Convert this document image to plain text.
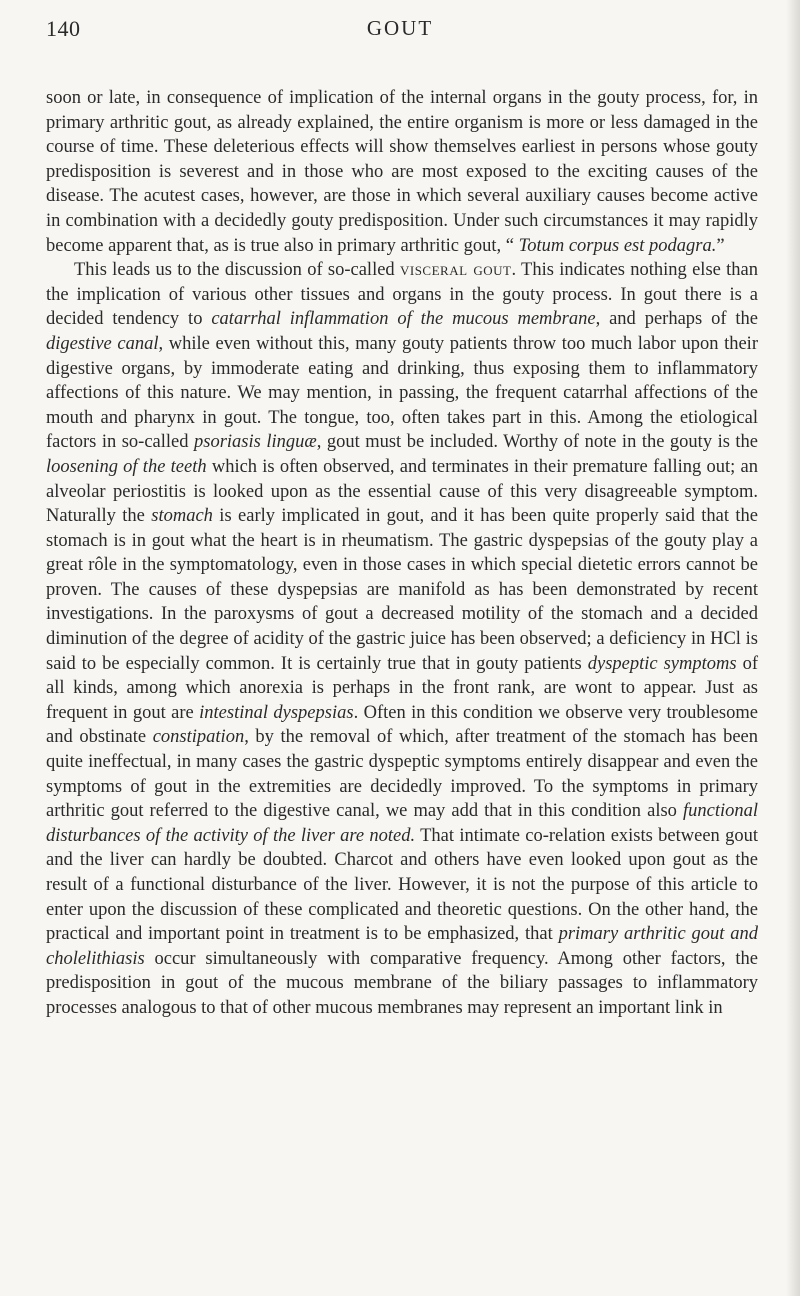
140	GOUT

soon or late, in consequence of implication of the internal organs in the gouty process, for, in primary arthritic gout, as already explained, the entire organism is more or less damaged in the course of time. These deleterious effects will show themselves earliest in persons whose gouty predisposition is severest and in those who are most exposed to the exciting causes of the disease. The acutest cases, however, are those in which several auxiliary causes become active in combination with a decidedly gouty predisposition. Under such circumstances it may rapidly become apparent that, as is true also in primary arthritic gout, “ Totum corpus est podagra.”

This leads us to the discussion of so-called visceral gout. This indicates nothing else than the implication of various other tissues and organs in the gouty process. In gout there is a decided tendency to catarrhal inflammation of the mucous membrane, and perhaps of the digestive canal, while even without this, many gouty patients throw too much labor upon their digestive organs, by immoderate eating and drinking, thus exposing them to inflammatory affections of this nature. We may mention, in passing, the frequent catarrhal affections of the mouth and pharynx in gout. The tongue, too, often takes part in this. Among the etiological factors in so-called psoriasis linguæ, gout must be included. Worthy of note in the gouty is the loosening of the teeth which is often observed, and terminates in their premature falling out; an alveolar periostitis is looked upon as the essential cause of this very disagreeable symptom. Naturally the stomach is early implicated in gout, and it has been quite properly said that the stomach is in gout what the heart is in rheumatism. The gastric dyspepsias of the gouty play a great rôle in the symptomatology, even in those cases in which special dietetic errors cannot be proven. The causes of these dyspepsias are manifold as has been demonstrated by recent investigations. In the paroxysms of gout a decreased motility of the stomach and a decided diminution of the degree of acidity of the gastric juice has been observed; a deficiency in HCl is said to be especially common. It is certainly true that in gouty patients dyspeptic symptoms of all kinds, among which anorexia is perhaps in the front rank, are wont to appear. Just as frequent in gout are intestinal dyspepsias. Often in this condition we observe very troublesome and obstinate constipation, by the removal of which, after treatment of the stomach has been quite ineffectual, in many cases the gastric dyspeptic symptoms entirely disappear and even the symptoms of gout in the extremities are decidedly improved. To the symptoms in primary arthritic gout referred to the digestive canal, we may add that in this condition also functional disturbances of the activity of the liver are noted. That intimate co-relation exists between gout and the liver can hardly be doubted. Charcot and others have even looked upon gout as the result of a functional disturbance of the liver. However, it is not the purpose of this article to enter upon the discussion of these complicated and theoretic questions. On the other hand, the practical and important point in treatment is to be emphasized, that primary arthritic gout and cholelithiasis occur simultaneously with comparative frequency. Among other factors, the predisposition in gout of the mucous membrane of the biliary passages to inflammatory processes analogous to that of other mucous membranes may represent an important link in
